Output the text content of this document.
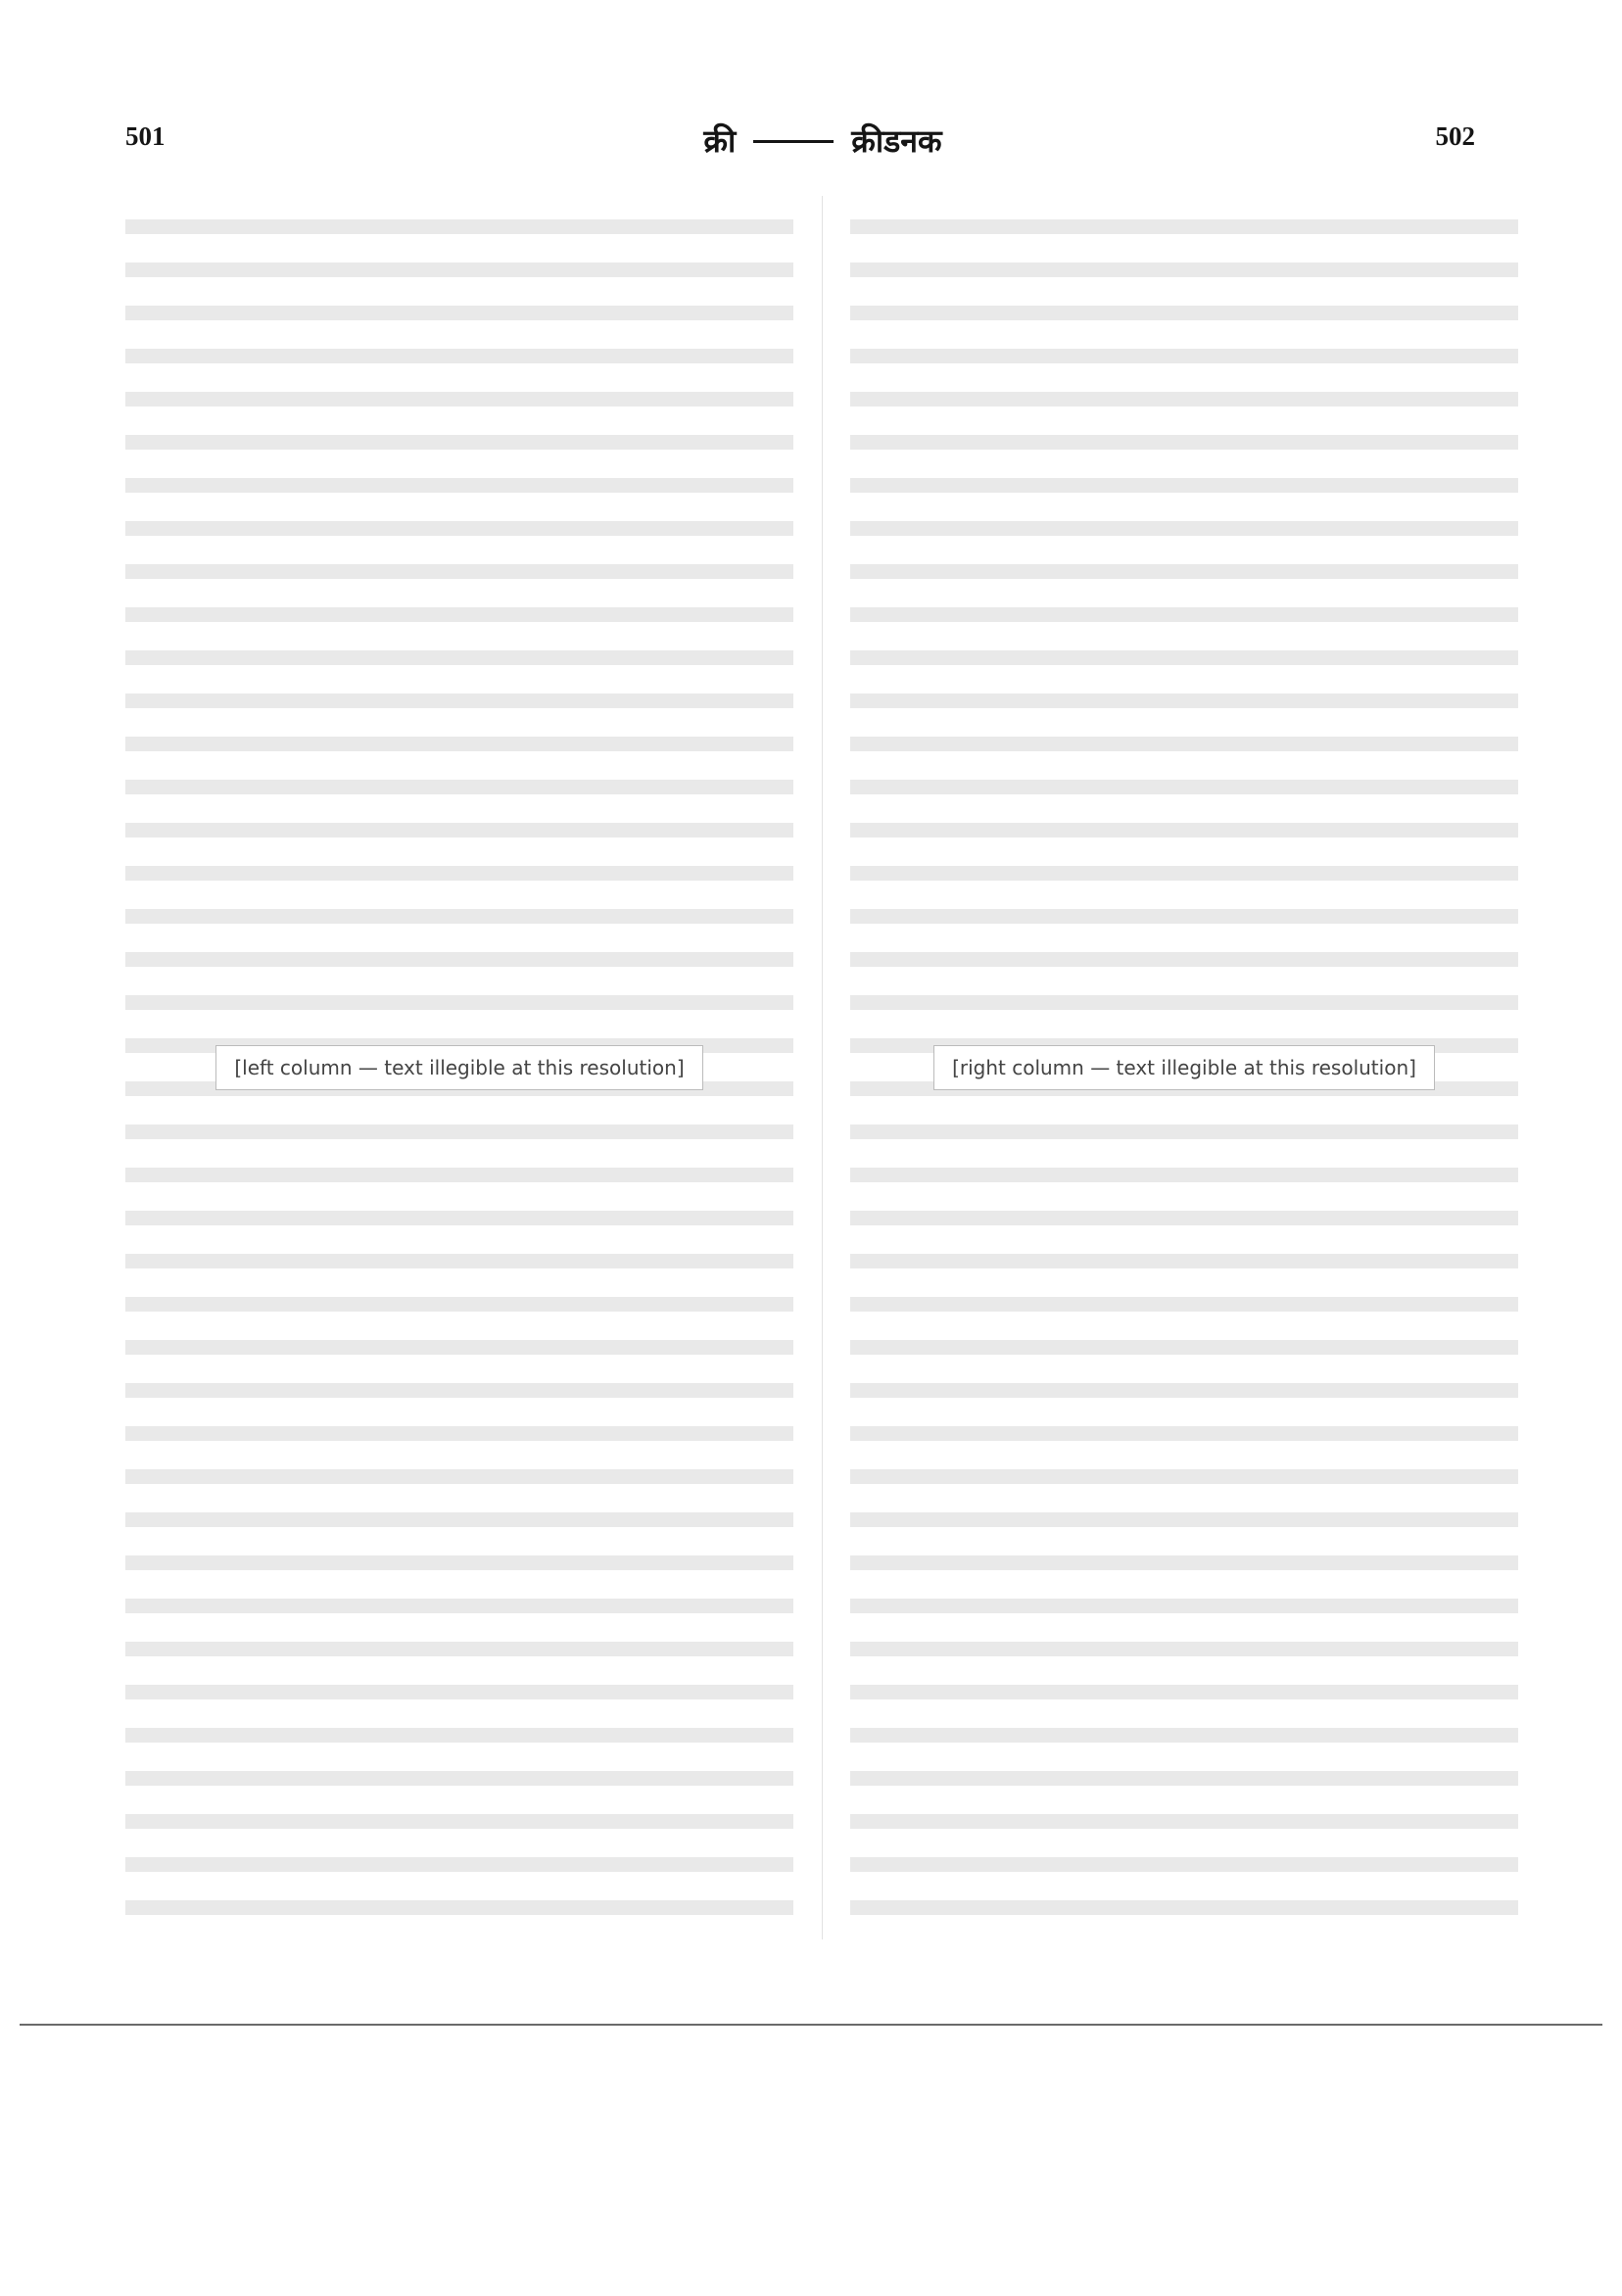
501	क्री	क्रीडनक	502
[left column — text illegible at this resolution]	[right column — text illegible at this resolution]
